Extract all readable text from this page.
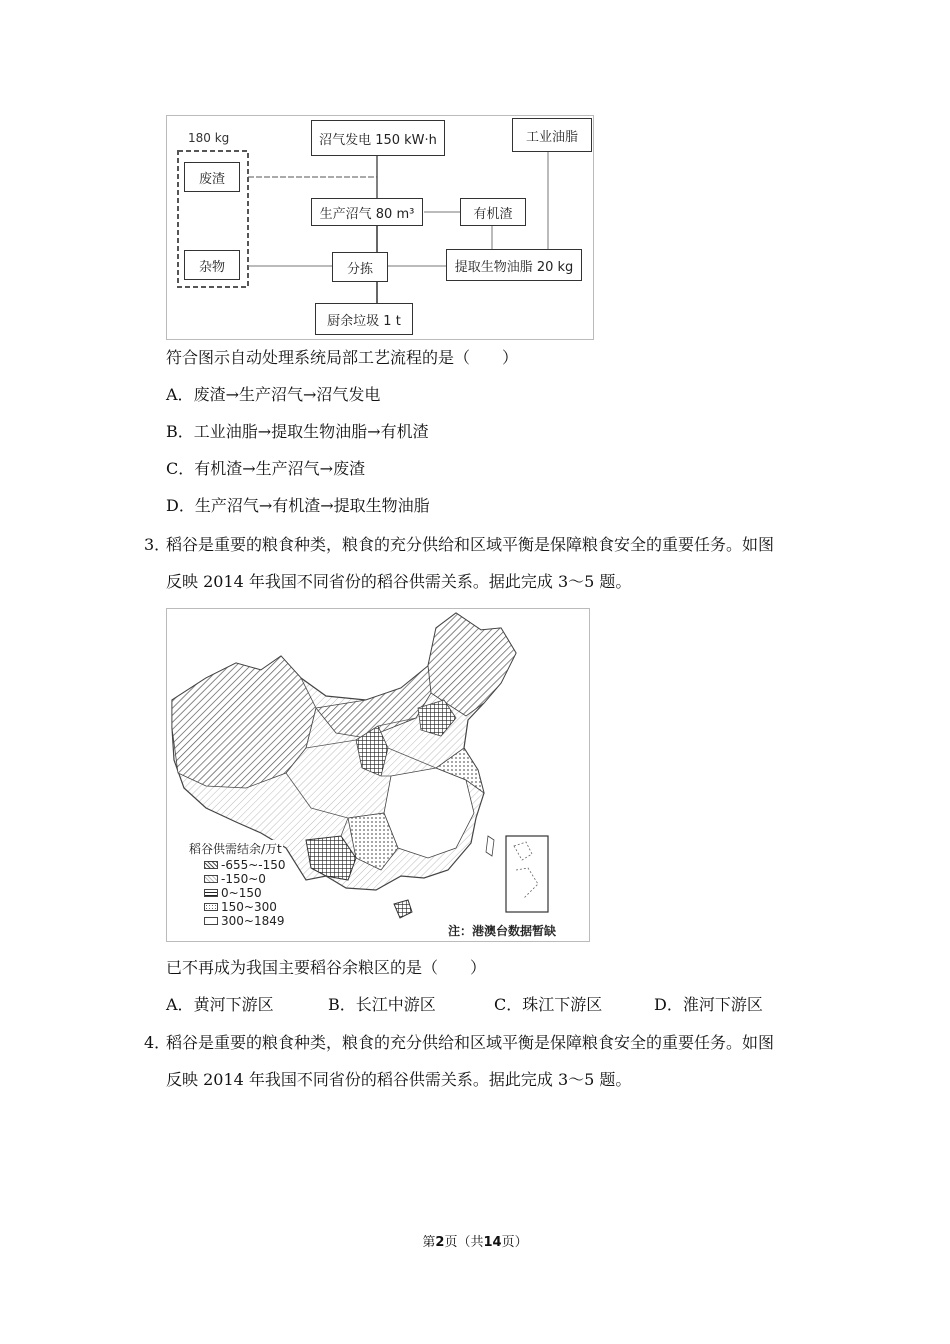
180 kg
废渣
杂物
沼气发电 150 kW·h
生产沼气 80 m³
分拣
厨余垃圾 1 t
工业油脂
有机渣
提取生物油脂 20 kg
符合图示自动处理系统局部工艺流程的是（　　）
A．废渣→生产沼气→沼气发电
B．工业油脂→提取生物油脂→有机渣
C．有机渣→生产沼气→废渣
D．生产沼气→有机渣→提取生物油脂
3．
稻谷是重要的粮食种类，粮食的充分供给和区域平衡是保障粮食安全的重要任务。如图
反映 2014 年我国不同省份的稻谷供需关系。据此完成 3～5 题。
稻谷供需结余/万t
-655~-150
-150~0
0~150
150~300
300~1849
注：港澳台数据暂缺
已不再成为我国主要稻谷余粮区的是（　　）
A．黄河下游区	B．长江中游区	C．珠江下游区	D．淮河下游区
4．
稻谷是重要的粮食种类，粮食的充分供给和区域平衡是保障粮食安全的重要任务。如图
反映 2014 年我国不同省份的稻谷供需关系。据此完成 3～5 题。
第2页（共14页）
